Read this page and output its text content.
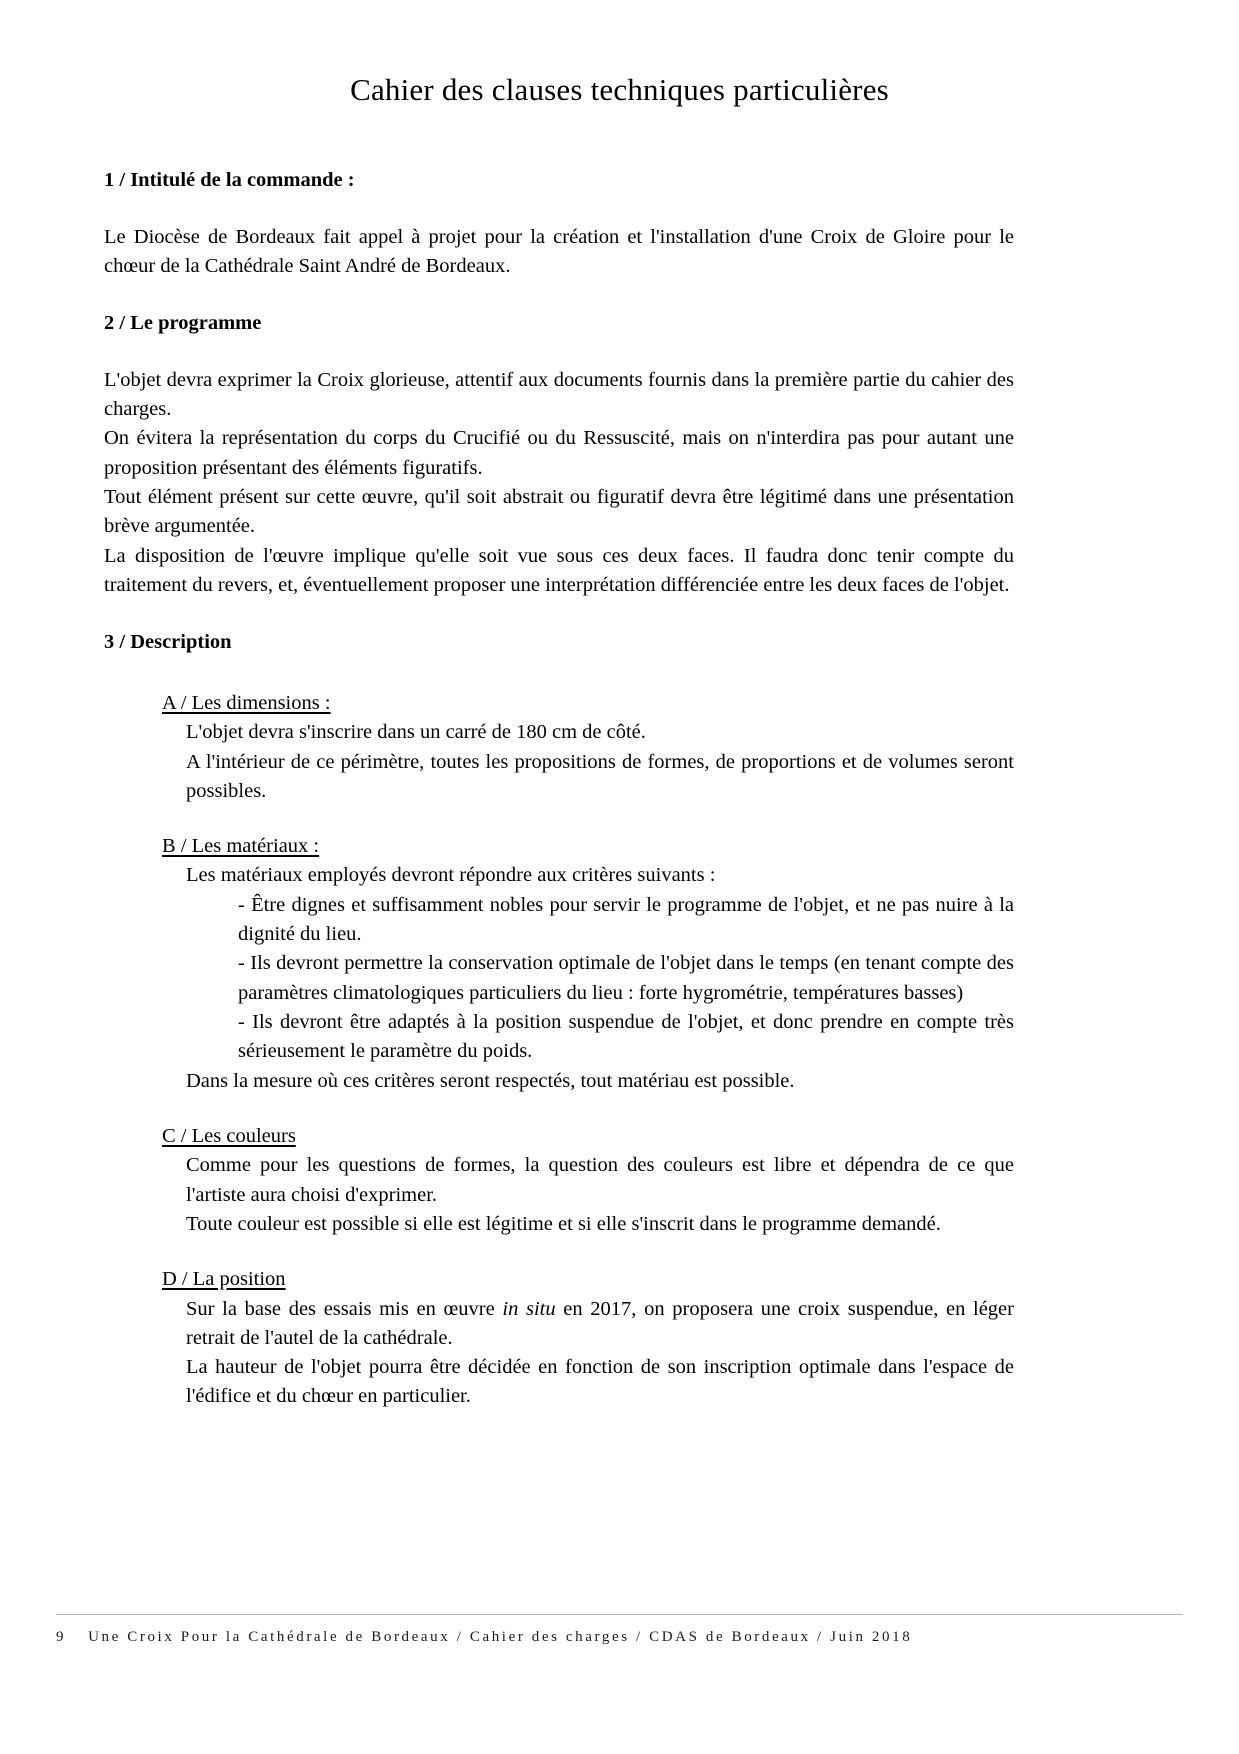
Cahier des clauses techniques particulières
1 / Intitulé de la commande :

Le Diocèse de Bordeaux fait appel à projet pour la création et l'installation d'une Croix de Gloire pour le chœur de la Cathédrale Saint André de Bordeaux.

2 / Le programme

L'objet devra exprimer la Croix glorieuse, attentif aux documents fournis dans la première partie du cahier des charges.

On évitera la représentation du corps du Crucifié ou du Ressuscité, mais on n'interdira pas pour autant une proposition présentant des éléments figuratifs.

Tout élément présent sur cette œuvre, qu'il soit abstrait ou figuratif devra être légitimé dans une présentation brève argumentée.

La disposition de l'œuvre implique qu'elle soit vue sous ces deux faces. Il faudra donc tenir compte du traitement du revers, et, éventuellement proposer une interprétation différenciée entre les deux faces de l'objet.

3 / Description
A / Les dimensions :

L'objet devra s'inscrire dans un carré de 180 cm de côté.

A l'intérieur de ce périmètre, toutes les propositions de formes, de proportions et de volumes seront possibles.

B / Les matériaux :

Les matériaux employés devront répondre aux critères suivants :

- Être dignes et suffisamment nobles pour servir le programme de l'objet, et ne pas nuire à la dignité du lieu.

- Ils devront permettre la conservation optimale de l'objet dans le temps (en tenant compte des paramètres climatologiques particuliers du lieu : forte hygrométrie, températures basses)

- Ils devront être adaptés à la position suspendue de l'objet, et donc prendre en compte très sérieusement le paramètre du poids.

Dans la mesure où ces critères seront respectés, tout matériau est possible.

C / Les couleurs

Comme pour les questions de formes, la question des couleurs est libre et dépendra de ce que l'artiste aura choisi d'exprimer.

Toute couleur est possible si elle est légitime et si elle s'inscrit dans le programme demandé.

D / La position

Sur la base des essais mis en œuvre in situ en 2017, on proposera une croix suspendue, en léger retrait de l'autel de la cathédrale.

La hauteur de l'objet pourra être décidée en fonction de son inscription optimale dans l'espace de l'édifice et du chœur en particulier.

9 Une Croix Pour la Cathédrale de Bordeaux / Cahier des charges / CDAS de Bordeaux / Juin 2018
